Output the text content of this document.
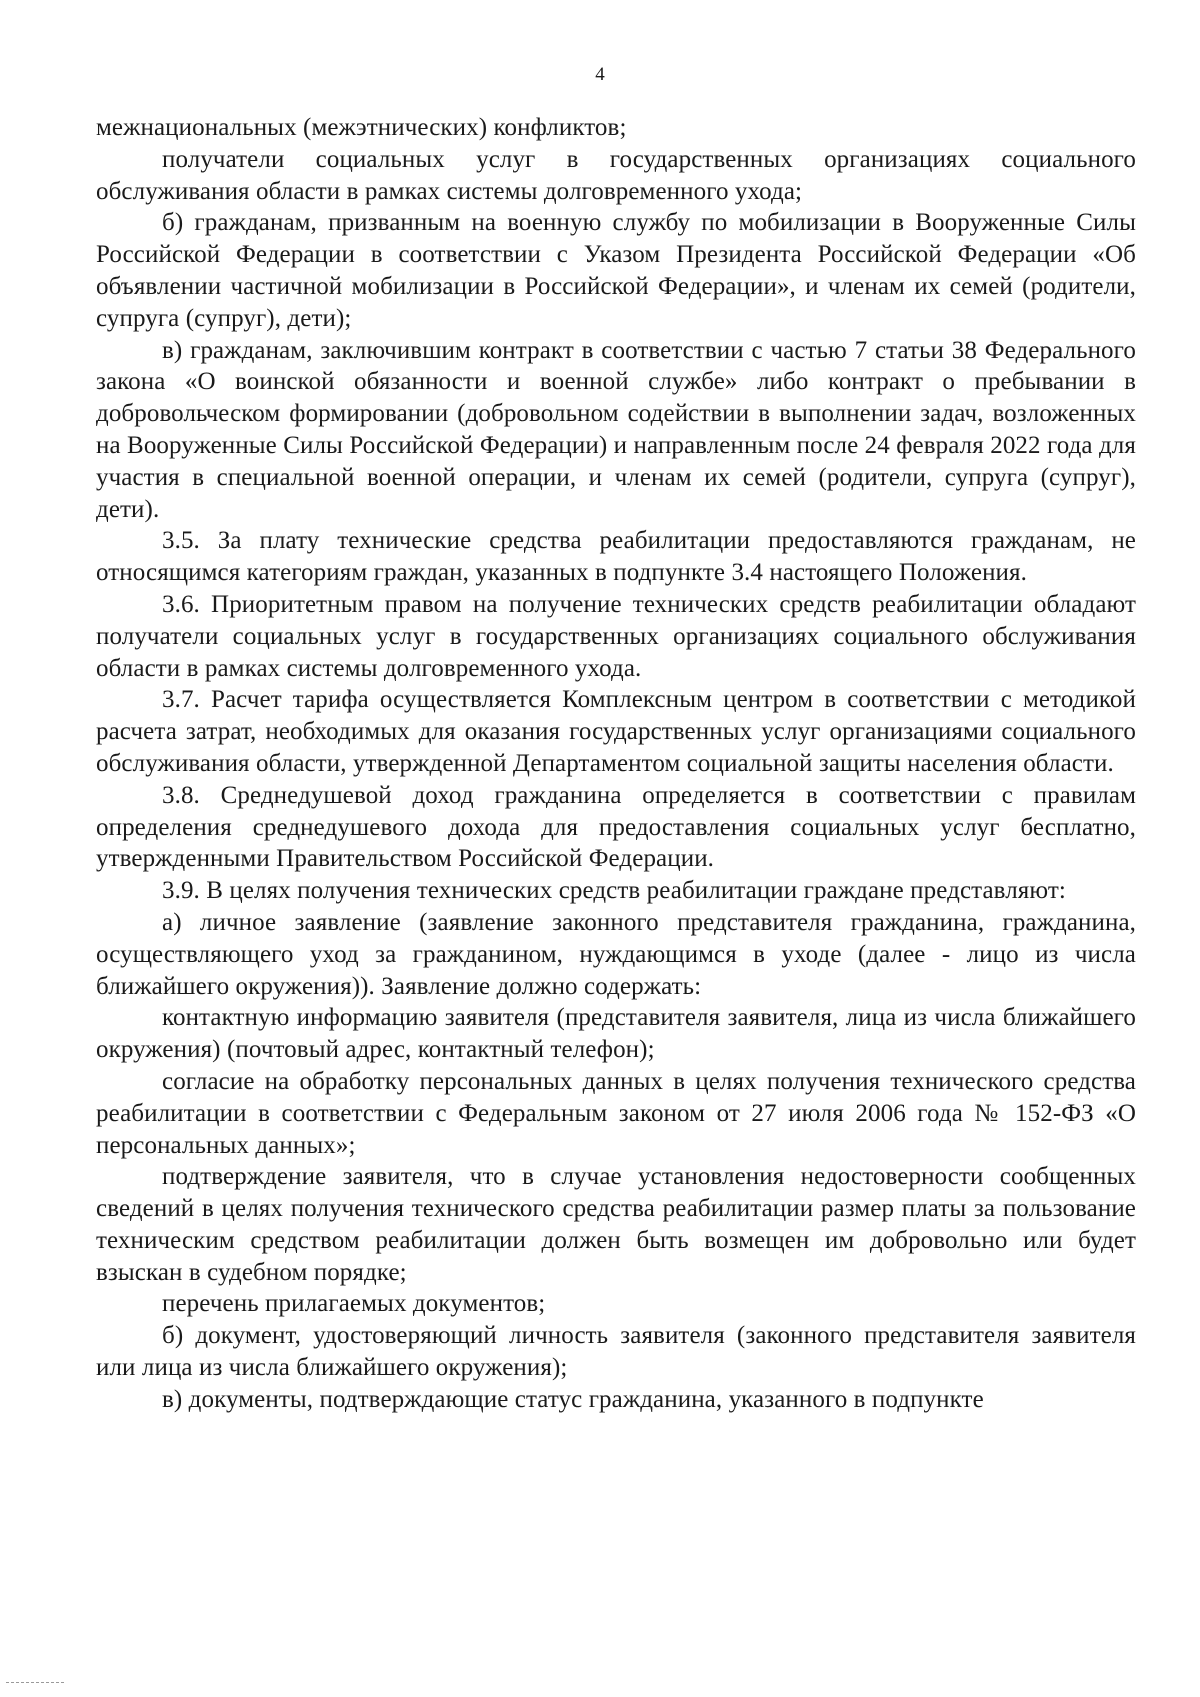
4

межнациональных (межэтнических) конфликтов;

получатели социальных услуг в государственных организациях социального обслуживания области в рамках системы долговременного ухода;

б) гражданам, призванным на военную службу по мобилизации в Вооруженные Силы Российской Федерации в соответствии с Указом Президента Российской Федерации «Об объявлении частичной мобилизации в Российской Федерации», и членам их семей (родители, супруга (супруг), дети);

в) гражданам, заключившим контракт в соответствии с частью 7 статьи 38 Федерального закона «О воинской обязанности и военной службе» либо контракт о пребывании в добровольческом формировании (добровольном содействии в выполнении задач, возложенных на Вооруженные Силы Российской Федерации) и направленным после 24 февраля 2022 года для участия в специальной военной операции, и членам их семей (родители, супруга (супруг), дети).

3.5. За плату технические средства реабилитации предоставляются гражданам, не относящимся категориям граждан, указанных в подпункте 3.4 настоящего Положения.

3.6. Приоритетным правом на получение технических средств реабилитации обладают получатели социальных услуг в государственных организациях социального обслуживания области в рамках системы долговременного ухода.

3.7. Расчет тарифа осуществляется Комплексным центром в соответствии с методикой расчета затрат, необходимых для оказания государственных услуг организациями социального обслуживания области, утвержденной Департаментом социальной защиты населения области.

3.8. Среднедушевой доход гражданина определяется в соответствии с правилам определения среднедушевого дохода для предоставления социальных услуг бесплатно, утвержденными Правительством Российской Федерации.

3.9. В целях получения технических средств реабилитации граждане представляют:

а) личное заявление (заявление законного представителя гражданина, гражданина, осуществляющего уход за гражданином, нуждающимся в уходе (далее - лицо из числа ближайшего окружения)). Заявление должно содержать:

контактную информацию заявителя (представителя заявителя, лица из числа ближайшего окружения) (почтовый адрес, контактный телефон);

согласие на обработку персональных данных в целях получения технического средства реабилитации в соответствии с Федеральным законом от 27 июля 2006 года № 152-ФЗ «О персональных данных»;

подтверждение заявителя, что в случае установления недостоверности сообщенных сведений в целях получения технического средства реабилитации размер платы за пользование техническим средством реабилитации должен быть возмещен им добровольно или будет взыскан в судебном порядке;

перечень прилагаемых документов;

б) документ, удостоверяющий личность заявителя (законного представителя заявителя или лица из числа ближайшего окружения);

в) документы, подтверждающие статус гражданина, указанного в подпункте
